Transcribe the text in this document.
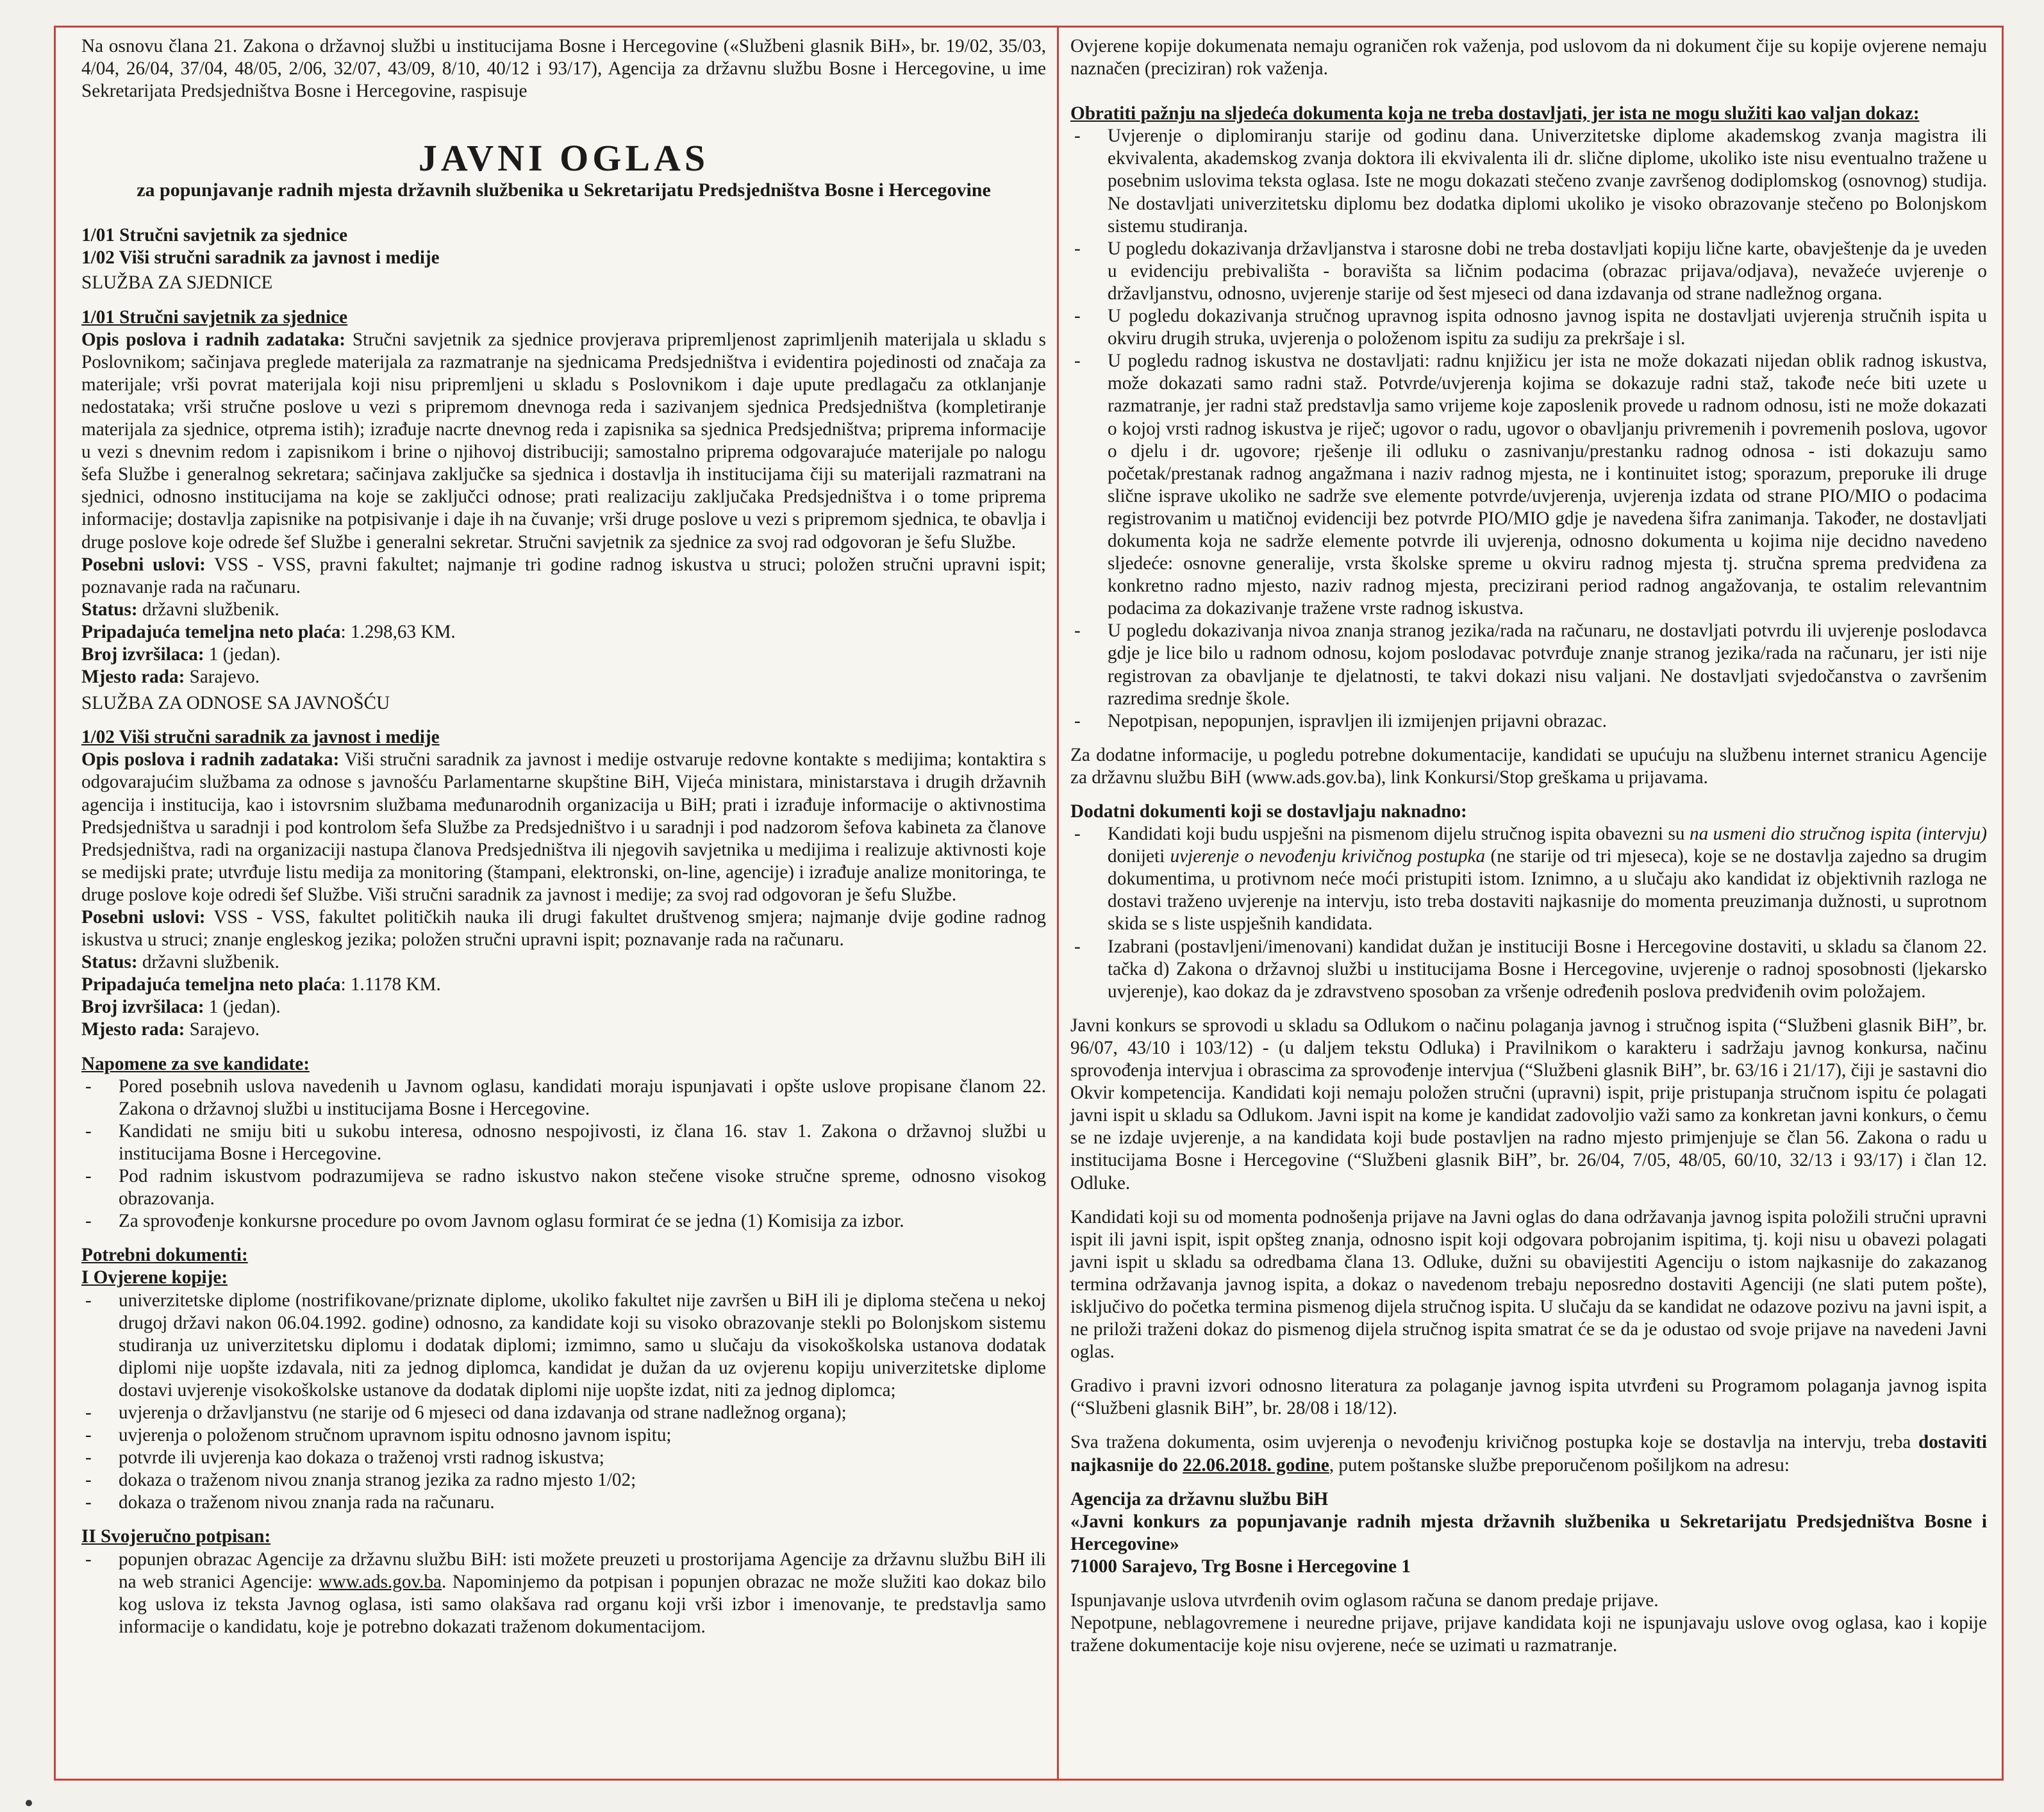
Na osnovu člana 21. Zakona o državnoj službi u institucijama Bosne i Hercegovine («Službeni glasnik BiH», br. 19/02, 35/03, 4/04, 26/04, 37/04, 48/05, 2/06, 32/07, 43/09, 8/10, 40/12 i 93/17), Agencija za državnu službu Bosne i Hercegovine, u ime Sekretarijata Predsjedništva Bosne i Hercegovine, raspisuje

JAVNI OGLAS
za popunjavanje radnih mjesta državnih službenika u Sekretarijatu Predsjedništva Bosne i Hercegovine

1/01 Stručni savjetnik za sjednice

1/02 Viši stručni saradnik za javnost i medije

SLUŽBA ZA SJEDNICE

1/01 Stručni savjetnik za sjednice

Opis poslova i radnih zadataka: Stručni savjetnik za sjednice provjerava pripremljenost zaprimljenih materijala u skladu s Poslovnikom; sačinjava preglede materijala za razmatranje na sjednicama Predsjedništva i evidentira pojedinosti od značaja za materijale; vrši povrat materijala koji nisu pripremljeni u skladu s Poslovnikom i daje upute predlagaču za otklanjanje nedostataka; vrši stručne poslove u vezi s pripremom dnevnoga reda i sazivanjem sjednica Predsjedništva (kompletiranje materijala za sjednice, otprema istih); izrađuje nacrte dnevnog reda i zapisnika sa sjednica Predsjedništva; priprema informacije u vezi s dnevnim redom i zapisnikom i brine o njihovoj distribuciji; samostalno priprema odgovarajuće materijale po nalogu šefa Službe i generalnog sekretara; sačinjava zaključke sa sjednica i dostavlja ih institucijama čiji su materijali razmatrani na sjednici, odnosno institucijama na koje se zaključci odnose; prati realizaciju zaključaka Predsjedništva i o tome priprema informacije; dostavlja zapisnike na potpisivanje i daje ih na čuvanje; vrši druge poslove u vezi s pripremom sjednica, te obavlja i druge poslove koje odrede šef Službe i generalni sekretar. Stručni savjetnik za sjednice za svoj rad odgovoran je šefu Službe.

Posebni uslovi: VSS - VSS, pravni fakultet; najmanje tri godine radnog iskustva u struci; položen stručni upravni ispit; poznavanje rada na računaru.

Status: državni službenik.

Pripadajuća temeljna neto plaća: 1.298,63 KM.

Broj izvršilaca: 1 (jedan).

Mjesto rada: Sarajevo.

SLUŽBA ZA ODNOSE SA JAVNOŠĆU

1/02 Viši stručni saradnik za javnost i medije

Opis poslova i radnih zadataka: Viši stručni saradnik za javnost i medije ostvaruje redovne kontakte s medijima; kontaktira s odgovarajućim službama za odnose s javnošću Parlamentarne skupštine BiH, Vijeća ministara, ministarstava i drugih državnih agencija i institucija, kao i istovrsnim službama međunarodnih organizacija u BiH; prati i izrađuje informacije o aktivnostima Predsjedništva u saradnji i pod kontrolom šefa Službe za Predsjedništvo i u saradnji i pod nadzorom šefova kabineta za članove Predsjedništva, radi na organizaciji nastupa članova Predsjedništva ili njegovih savjetnika u medijima i realizuje aktivnosti koje se medijski prate; utvrđuje listu medija za monitoring (štampani, elektronski, on-line, agencije) i izrađuje analize monitoringa, te druge poslove koje odredi šef Službe. Viši stručni saradnik za javnost i medije; za svoj rad odgovoran je šefu Službe.

Posebni uslovi: VSS - VSS, fakultet političkih nauka ili drugi fakultet društvenog smjera; najmanje dvije godine radnog iskustva u struci; znanje engleskog jezika; položen stručni upravni ispit; poznavanje rada na računaru.

Status: državni službenik.

Pripadajuća temeljna neto plaća: 1.1178 KM.

Broj izvršilaca: 1 (jedan).

Mjesto rada: Sarajevo.

Napomene za sve kandidate:

- Pored posebnih uslova navedenih u Javnom oglasu, kandidati moraju ispunjavati i opšte uslove propisane članom 22. Zakona o državnoj službi u institucijama Bosne i Hercegovine.
- Kandidati ne smiju biti u sukobu interesa, odnosno nespojivosti, iz člana 16. stav 1. Zakona o državnoj službi u institucijama Bosne i Hercegovine.
- Pod radnim iskustvom podrazumijeva se radno iskustvo nakon stečene visoke stručne spreme, odnosno visokog obrazovanja.
- Za sprovođenje konkursne procedure po ovom Javnom oglasu formirat će se jedna (1) Komisija za izbor.

Potrebni dokumenti:

I Ovjerene kopije:

- univerzitetske diplome (nostrifikovane/priznate diplome, ukoliko fakultet nije završen u BiH ili je diploma stečena u nekoj drugoj državi nakon 06.04.1992. godine) odnosno, za kandidate koji su visoko obrazovanje stekli po Bolonjskom sistemu studiranja uz univerzitetsku diplomu i dodatak diplomi; izmimno, samo u slučaju da visokoškolska ustanova dodatak diplomi nije uopšte izdavala, niti za jednog diplomca, kandidat je dužan da uz ovjerenu kopiju univerzitetske diplome dostavi uvjerenje visokoškolske ustanove da dodatak diplomi nije uopšte izdat, niti za jednog diplomca;
- uvjerenja o državljanstvu (ne starije od 6 mjeseci od dana izdavanja od strane nadležnog organa);
- uvjerenja o položenom stručnom upravnom ispitu odnosno javnom ispitu;
- potvrde ili uvjerenja kao dokaza o traženoj vrsti radnog iskustva;
- dokaza o traženom nivou znanja stranog jezika za radno mjesto 1/02;
- dokaza o traženom nivou znanja rada na računaru.

II Svojeručno potpisan:

- popunjen obrazac Agencije za državnu službu BiH: isti možete preuzeti u prostorijama Agencije za državnu službu BiH ili na web stranici Agencije: www.ads.gov.ba. Napominjemo da potpisan i popunjen obrazac ne može služiti kao dokaz bilo kog uslova iz teksta Javnog oglasa, isti samo olakšava rad organu koji vrši izbor i imenovanje, te predstavlja samo informacije o kandidatu, koje je potrebno dokazati traženom dokumentacijom.

Ovjerene kopije dokumenata nemaju ograničen rok važenja, pod uslovom da ni dokument čije su kopije ovjerene nemaju naznačen (preciziran) rok važenja.

Obratiti pažnju na sljedeća dokumenta koja ne treba dostavljati, jer ista ne mogu služiti kao valjan dokaz:

- Uvjerenje o diplomiranju starije od godinu dana. Univerzitetske diplome akademskog zvanja magistra ili ekvivalenta, akademskog zvanja doktora ili ekvivalenta ili dr. slične diplome, ukoliko iste nisu eventualno tražene u posebnim uslovima teksta oglasa. Iste ne mogu dokazati stečeno zvanje završenog dodiplomskog (osnovnog) studija. Ne dostavljati univerzitetsku diplomu bez dodatka diplomi ukoliko je visoko obrazovanje stečeno po Bolonjskom sistemu studiranja.
- U pogledu dokazivanja državljanstva i starosne dobi ne treba dostavljati kopiju lične karte, obavještenje da je uveden u evidenciju prebivališta - boravišta sa ličnim podacima (obrazac prijava/odjava), nevažeće uvjerenje o državljanstvu, odnosno, uvjerenje starije od šest mjeseci od dana izdavanja od strane nadležnog organa.
- U pogledu dokazivanja stručnog upravnog ispita odnosno javnog ispita ne dostavljati uvjerenja stručnih ispita u okviru drugih struka, uvjerenja o položenom ispitu za sudiju za prekršaje i sl.
- U pogledu radnog iskustva ne dostavljati: radnu knjižicu jer ista ne može dokazati nijedan oblik radnog iskustva, može dokazati samo radni staž. Potvrde/uvjerenja kojima se dokazuje radni staž, takođe neće biti uzete u razmatranje, jer radni staž predstavlja samo vrijeme koje zaposlenik provede u radnom odnosu, isti ne može dokazati o kojoj vrsti radnog iskustva je riječ; ugovor o radu, ugovor o obavljanju privremenih i povremenih poslova, ugovor o djelu i dr. ugovore; rješenje ili odluku o zasnivanju/prestanku radnog odnosa - isti dokazuju samo početak/prestanak radnog angažmana i naziv radnog mjesta, ne i kontinuitet istog; sporazum, preporuke ili druge slične isprave ukoliko ne sadrže sve elemente potvrde/uvjerenja, uvjerenja izdata od strane PIO/MIO o podacima registrovanim u matičnoj evidenciji bez potvrde PIO/MIO gdje je navedena šifra zanimanja. Također, ne dostavljati dokumenta koja ne sadrže elemente potvrde ili uvjerenja, odnosno dokumenta u kojima nije decidno navedeno sljedeće: osnovne generalije, vrsta školske spreme u okviru radnog mjesta tj. stručna sprema predviđena za konkretno radno mjesto, naziv radnog mjesta, precizirani period radnog angažovanja, te ostalim relevantnim podacima za dokazivanje tražene vrste radnog iskustva.
- U pogledu dokazivanja nivoa znanja stranog jezika/rada na računaru, ne dostavljati potvrdu ili uvjerenje poslodavca gdje je lice bilo u radnom odnosu, kojom poslodavac potvrđuje znanje stranog jezika/rada na računaru, jer isti nije registrovan za obavljanje te djelatnosti, te takvi dokazi nisu valjani. Ne dostavljati svjedočanstva o završenim razredima srednje škole.
- Nepotpisan, nepopunjen, ispravljen ili izmijenjen prijavni obrazac.

Za dodatne informacije, u pogledu potrebne dokumentacije, kandidati se upućuju na službenu internet stranicu Agencije za državnu službu BiH (www.ads.gov.ba), link Konkursi/Stop greškama u prijavama.

Dodatni dokumenti koji se dostavljaju naknadno:

- Kandidati koji budu uspješni na pismenom dijelu stručnog ispita obavezni su na usmeni dio stručnog ispita (intervju) donijeti uvjerenje o nevođenju krivičnog postupka (ne starije od tri mjeseca), koje se ne dostavlja zajedno sa drugim dokumentima, u protivnom neće moći pristupiti istom. Iznimno, a u slučaju ako kandidat iz objektivnih razloga ne dostavi traženo uvjerenje na intervju, isto treba dostaviti najkasnije do momenta preuzimanja dužnosti, u suprotnom skida se s liste uspješnih kandidata.
- Izabrani (postavljeni/imenovani) kandidat dužan je instituciji Bosne i Hercegovine dostaviti, u skladu sa članom 22. tačka d) Zakona o državnoj službi u institucijama Bosne i Hercegovine, uvjerenje o radnoj sposobnosti (ljekarsko uvjerenje), kao dokaz da je zdravstveno sposoban za vršenje određenih poslova predviđenih ovim položajem.

Javni konkurs se sprovodi u skladu sa Odlukom o načinu polaganja javnog i stručnog ispita (“Službeni glasnik BiH”, br. 96/07, 43/10 i 103/12) - (u daljem tekstu Odluka) i Pravilnikom o karakteru i sadržaju javnog konkursa, načinu sprovođenja intervjua i obrascima za sprovođenje intervjua (“Službeni glasnik BiH”, br. 63/16 i 21/17), čiji je sastavni dio Okvir kompetencija. Kandidati koji nemaju položen stručni (upravni) ispit, prije pristupanja stručnom ispitu će polagati javni ispit u skladu sa Odlukom. Javni ispit na kome je kandidat zadovoljio važi samo za konkretan javni konkurs, o čemu se ne izdaje uvjerenje, a na kandidata koji bude postavljen na radno mjesto primjenjuje se član 56. Zakona o radu u institucijama Bosne i Hercegovine (“Službeni glasnik BiH”, br. 26/04, 7/05, 48/05, 60/10, 32/13 i 93/17) i član 12. Odluke.

Kandidati koji su od momenta podnošenja prijave na Javni oglas do dana održavanja javnog ispita položili stručni upravni ispit ili javni ispit, ispit opšteg znanja, odnosno ispit koji odgovara pobrojanim ispitima, tj. koji nisu u obavezi polagati javni ispit u skladu sa odredbama člana 13. Odluke, dužni su obavijestiti Agenciju o istom najkasnije do zakazanog termina održavanja javnog ispita, a dokaz o navedenom trebaju neposredno dostaviti Agenciji (ne slati putem pošte), isključivo do početka termina pismenog dijela stručnog ispita. U slučaju da se kandidat ne odazove pozivu na javni ispit, a ne priloži traženi dokaz do pismenog dijela stručnog ispita smatrat će se da je odustao od svoje prijave na navedeni Javni oglas.

Gradivo i pravni izvori odnosno literatura za polaganje javnog ispita utvrđeni su Programom polaganja javnog ispita (“Službeni glasnik BiH”, br. 28/08 i 18/12).

Sva tražena dokumenta, osim uvjerenja o nevođenju krivičnog postupka koje se dostavlja na intervju, treba dostaviti najkasnije do 22.06.2018. godine, putem poštanske službe preporučenom pošiljkom na adresu:

Agencija za državnu službu BiH

«Javni konkurs za popunjavanje radnih mjesta državnih službenika u Sekretarijatu Predsjedništva Bosne i Hercegovine»

71000 Sarajevo, Trg Bosne i Hercegovine 1

Ispunjavanje uslova utvrđenih ovim oglasom računa se danom predaje prijave.

Nepotpune, neblagovremene i neuredne prijave, prijave kandidata koji ne ispunjavaju uslove ovog oglasa, kao i kopije tražene dokumentacije koje nisu ovjerene, neće se uzimati u razmatranje.
